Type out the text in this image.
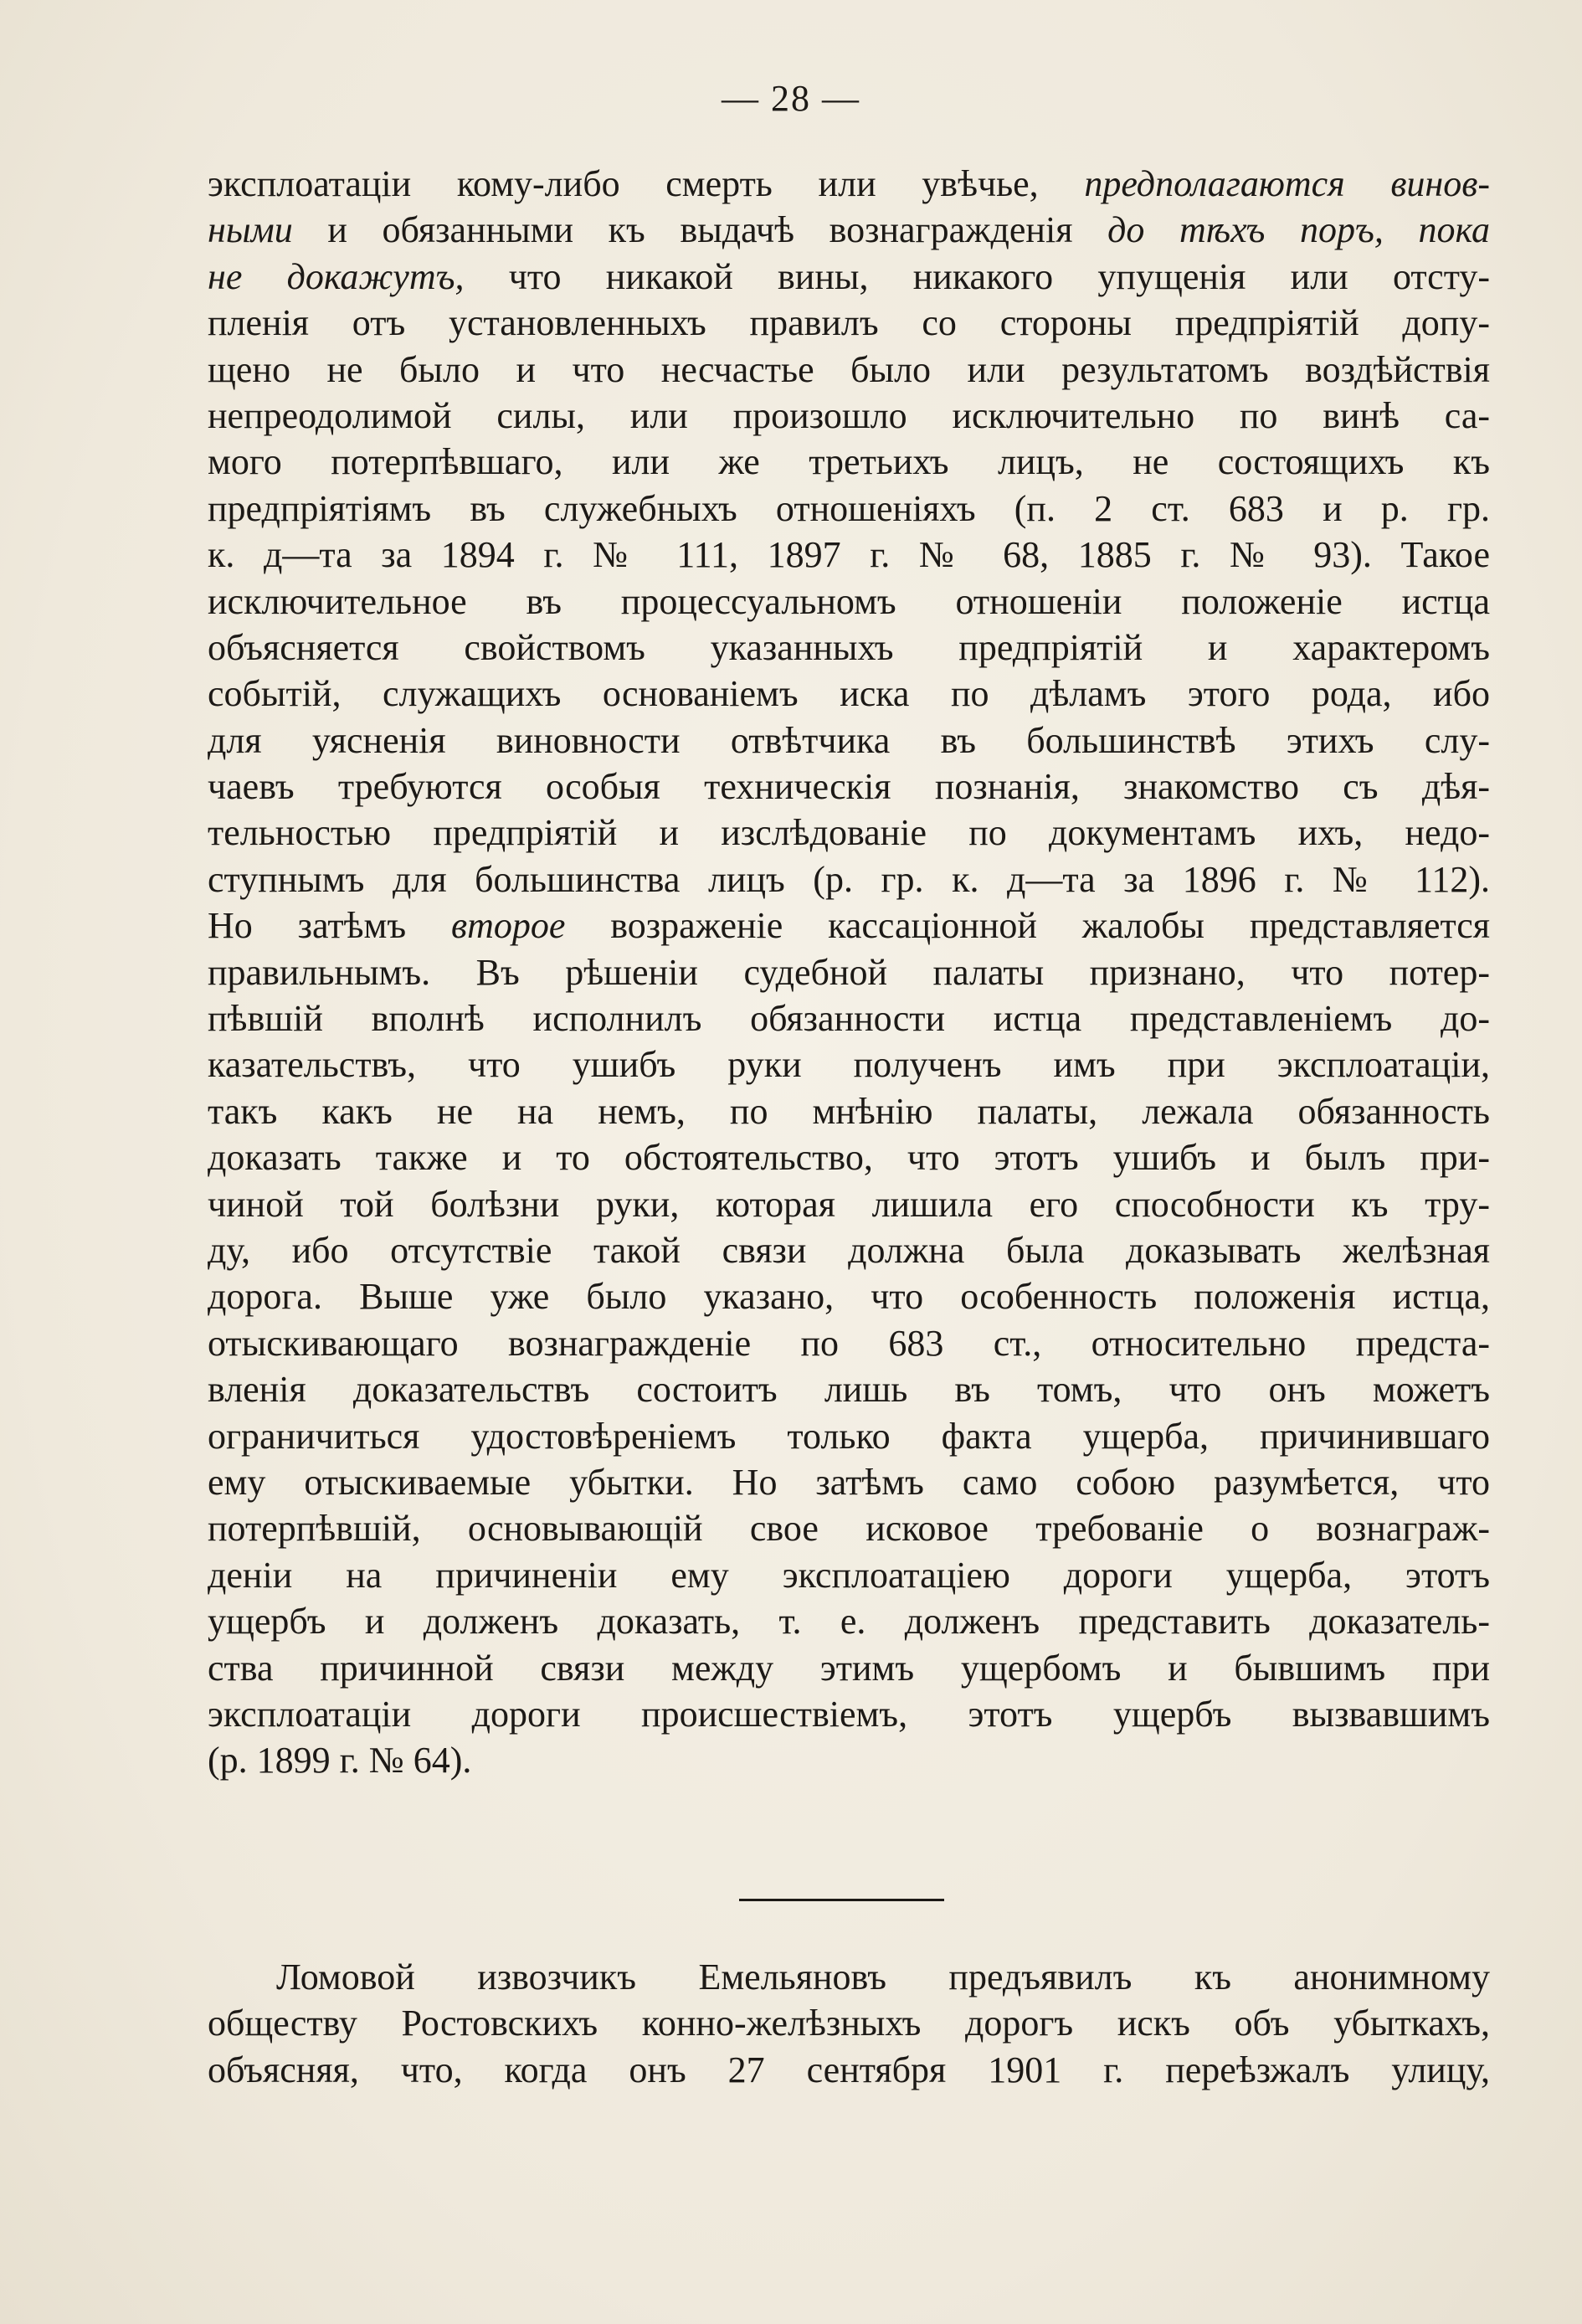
— 28 —
эксплоатаціи кому-либо смерть или увѣчье, предполагаются винов-
ными и обязанными къ выдачѣ вознагражденія до тѣхъ поръ, пока
не докажутъ, что никакой вины, никакого упущенія или отсту-
пленія отъ установленныхъ правилъ со стороны предпріятій допу-
щено не было и что несчастье было или результатомъ воздѣйствія
непреодолимой силы, или произошло исключительно по винѣ са-
мого потерпѣвшаго, или же третьихъ лицъ, не состоящихъ къ
предпріятіямъ въ служебныхъ отношеніяхъ (п. 2 ст. 683 и р. гр.
к. д—та за 1894 г. № 111, 1897 г. № 68, 1885 г. № 93). Такое
исключительное въ процессуальномъ отношеніи положеніе истца
объясняется свойствомъ указанныхъ предпріятій и характеромъ
событій, служащихъ основаніемъ иска по дѣламъ этого рода, ибо
для уясненія виновности отвѣтчика въ большинствѣ этихъ слу-
чаевъ требуются особыя техническія познанія, знакомство съ дѣя-
тельностью предпріятій и изслѣдованіе по документамъ ихъ, недо-
ступнымъ для большинства лицъ (р. гр. к. д—та за 1896 г. № 112).
Но затѣмъ второе возраженіе кассаціонной жалобы представляется
правильнымъ. Въ рѣшеніи судебной палаты признано, что потер-
пѣвшій вполнѣ исполнилъ обязанности истца представленіемъ до-
казательствъ, что ушибъ руки полученъ имъ при эксплоатаціи,
такъ какъ не на немъ, по мнѣнію палаты, лежала обязанность
доказать также и то обстоятельство, что этотъ ушибъ и былъ при-
чиной той болѣзни руки, которая лишила его способности къ тру-
ду, ибо отсутствіе такой связи должна была доказывать желѣзная
дорога. Выше уже было указано, что особенность положенія истца,
отыскивающаго вознагражденіе по 683 ст., относительно предста-
вленія доказательствъ состоитъ лишь въ томъ, что онъ можетъ
ограничиться удостовѣреніемъ только факта ущерба, причинившаго
ему отыскиваемые убытки. Но затѣмъ само собою разумѣется, что
потерпѣвшій, основывающій свое исковое требованіе о вознаграж-
деніи на причиненіи ему эксплоатаціею дороги ущерба, этотъ
ущербъ и долженъ доказать, т. е. долженъ представить доказатель-
ства причинной связи между этимъ ущербомъ и бывшимъ при
эксплоатаціи дороги происшествіемъ, этотъ ущербъ вызвавшимъ
(р. 1899 г. № 64).
Ломовой извозчикъ Емельяновъ предъявилъ къ анонимному
обществу Ростовскихъ конно-желѣзныхъ дорогъ искъ объ убыткахъ,
объясняя, что, когда онъ 27 сентября 1901 г. переѣзжалъ улицу,
